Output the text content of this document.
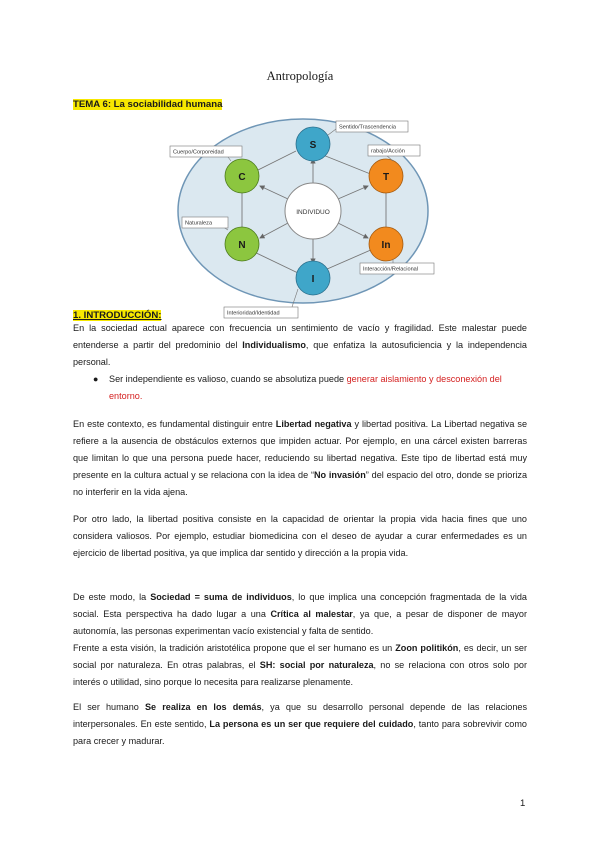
Antropología
TEMA 6: La sociabilidad humana
INDIVIDUO
S
T
In
I
N
C
Sentido/Trascendencia
rabajo/Acción
Cuerpo/Corporeidad
Naturaleza
Interacción/Relacional
Interioridad/Identidad
1. INTRODUCCIÓN:

En la sociedad actual aparece con frecuencia un sentimiento de vacío y fragilidad. Este malestar puede entenderse a partir del predominio del Individualismo, que enfatiza la autosuficiencia y la independencia personal.

● Ser independiente es valioso, cuando se absolutiza puede generar aislamiento y desconexión del entorno.

En este contexto, es fundamental distinguir entre Libertad negativa y libertad positiva. La Libertad negativa se refiere a la ausencia de obstáculos externos que impiden actuar. Por ejemplo, en una cárcel existen barreras que limitan lo que una persona puede hacer, reduciendo su libertad negativa. Este tipo de libertad está muy presente en la cultura actual y se relaciona con la idea de “No invasión” del espacio del otro, donde se prioriza no interferir en la vida ajena.

Por otro lado, la libertad positiva consiste en la capacidad de orientar la propia vida hacia fines que uno considera valiosos. Por ejemplo, estudiar biomedicina con el deseo de ayudar a curar enfermedades es un ejercicio de libertad positiva, ya que implica dar sentido y dirección a la propia vida.

De este modo, la Sociedad = suma de individuos, lo que implica una concepción fragmentada de la vida social. Esta perspectiva ha dado lugar a una Crítica al malestar, ya que, a pesar de disponer de mayor autonomía, las personas experimentan vacío existencial y falta de sentido.

Frente a esta visión, la tradición aristotélica propone que el ser humano es un Zoon politikón, es decir, un ser social por naturaleza. En otras palabras, el SH: social por naturaleza, no se relaciona con otros solo por interés o utilidad, sino porque lo necesita para realizarse plenamente.

El ser humano Se realiza en los demás, ya que su desarrollo personal depende de las relaciones interpersonales. En este sentido, La persona es un ser que requiere del cuidado, tanto para sobrevivir como para crecer y madurar.

1
